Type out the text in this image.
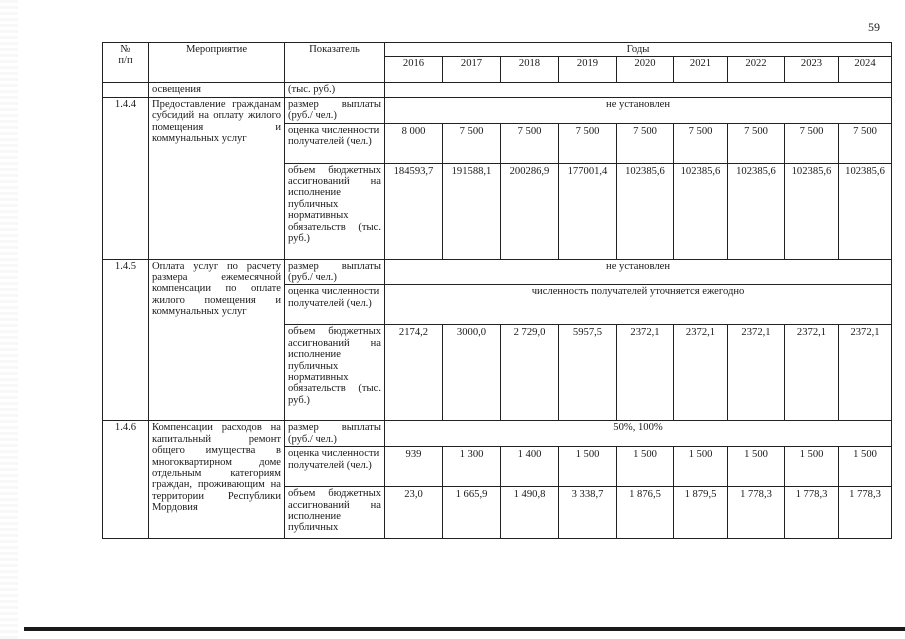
59
№
п/п	Мероприятие	Показатель	Годы								
			2016	2017	2018	2019	2020	2021	2022	2023	2024
	освещения	(тыс. руб.)									
1.4.4	Предоставление гражданам субсидий на оплату жилого помещения и коммунальных услуг	размер выплаты (руб./ чел.)	не установлен								
		оценка численности получателей (чел.)	8 000	7 500	7 500	7 500	7 500	7 500	7 500	7 500	7 500
		объем бюджетных ассигнований на исполнение публичных нормативных обязательств (тыс. руб.)	184593,7	191588,1	200286,9	177001,4	102385,6	102385,6	102385,6	102385,6	102385,6
1.4.5	Оплата услуг по расчету размера ежемесячной компенсации по оплате жилого помещения и коммунальных услуг	размер выплаты (руб./ чел.)	не установлен								
		оценка численности получателей (чел.)	численность получателей уточняется ежегодно								
		объем бюджетных ассигнований на исполнение публичных нормативных обязательств (тыс. руб.)	2174,2	3000,0	2 729,0	5957,5	2372,1	2372,1	2372,1	2372,1	2372,1
1.4.6	Компенсации расходов на капитальный ремонт общего имущества в многоквартирном доме отдельным категориям граждан, проживающим на территории Республики Мордовия	размер выплаты (руб./ чел.)	50%, 100%								
		оценка численности получателей (чел.)	939	1 300	1 400	1 500	1 500	1 500	1 500	1 500	1 500
		объем бюджетных ассигнований на исполнение публичных	23,0	1 665,9	1 490,8	3 338,7	1 876,5	1 879,5	1 778,3	1 778,3	1 778,3
